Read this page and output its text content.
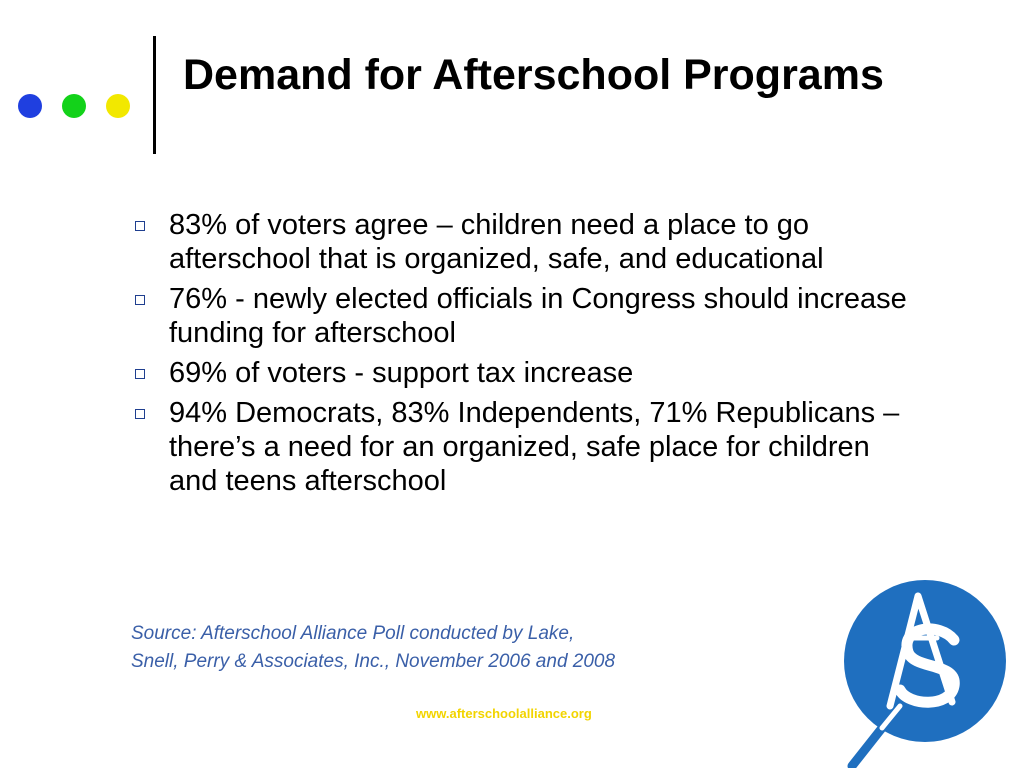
Demand for Afterschool Programs
83% of voters agree – children need a place to go afterschool that is organized, safe, and educational
76% - newly elected officials in Congress should increase funding for afterschool
69% of voters - support tax increase
94% Democrats, 83% Independents, 71% Republicans – there’s a need for an organized, safe place for children and teens afterschool
Source: Afterschool Alliance Poll conducted by Lake,
Snell, Perry & Associates, Inc., November 2006 and 2008
www.afterschoolalliance.org
